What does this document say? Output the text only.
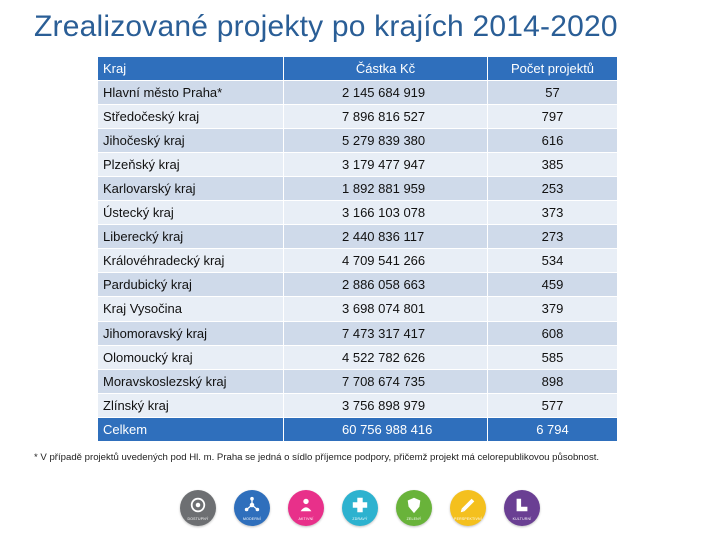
Zrealizované projekty po krajích 2014-2020
Kraj	Částka Kč	Počet projektů
Hlavní město Praha*	2 145 684 919	57
Středočeský kraj	7 896 816 527	797
Jihočeský kraj	5 279 839 380	616
Plzeňský kraj	3 179 477 947	385
Karlovarský kraj	1 892 881 959	253
Ústecký kraj	3 166 103 078	373
Liberecký kraj	2 440 836 117	273
Královéhradecký kraj	4 709 541 266	534
Pardubický kraj	2 886 058 663	459
Kraj Vysočina	3 698 074 801	379
Jihomoravský kraj	7 473 317 417	608
Olomoucký kraj	4 522 782 626	585
Moravskoslezský kraj	7 708 674 735	898
Zlínský kraj	3 756 898 979	577
Celkem	60 756 988 416	6 794
* V případě projektů uvedených pod Hl. m. Praha se jedná o sídlo příjemce podpory, přičemž projekt má celorepublikovou působnost.
DOSTUPNÝ	MODERNÍ	AKTIVNÍ	ZDRAVÝ	ZELENÝ	PERSPEKTIVNÍ	KULTURNÍ
